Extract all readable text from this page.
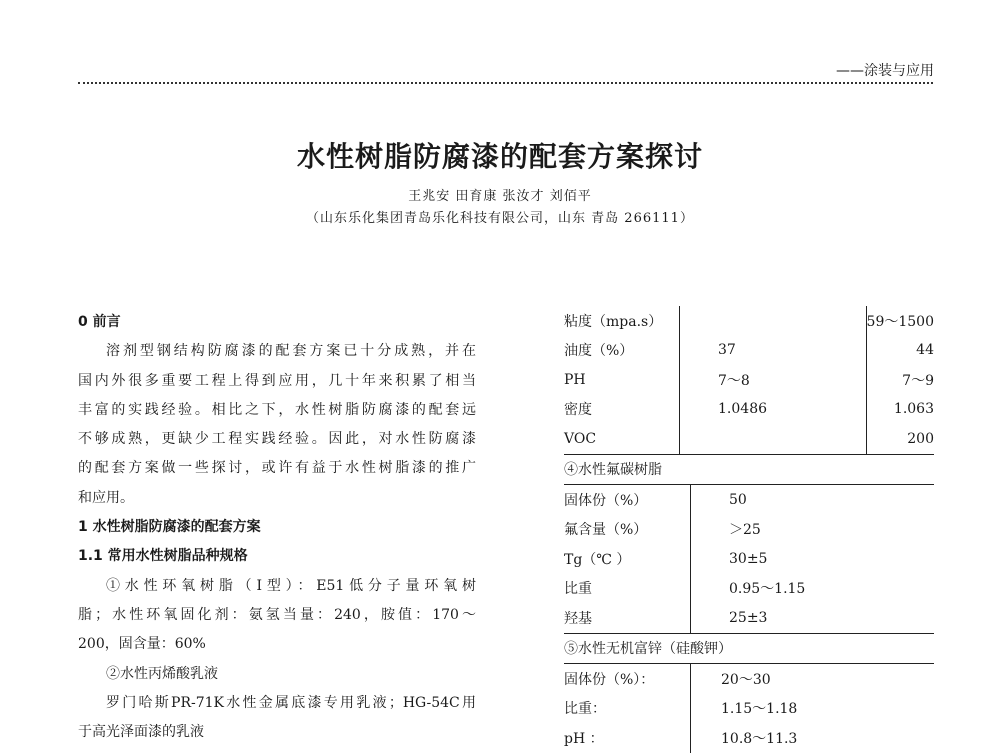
——涂装与应用
水性树脂防腐漆的配套方案探讨
王兆安 田育康 张汝才 刘佰平
（山东乐化集团青岛乐化科技有限公司，山东 青岛 266111）

0 前言

溶剂型钢结构防腐漆的配套方案已十分成熟，并在

国内外很多重要工程上得到应用，几十年来积累了相当

丰富的实践经验。相比之下，水性树脂防腐漆的配套远

不够成熟，更缺少工程实践经验。因此，对水性防腐漆

的配套方案做一些探讨，或许有益于水性树脂漆的推广

和应用。

1 水性树脂防腐漆的配套方案

1.1 常用水性树脂品种规格

①水性环氧树脂（Ⅰ型）：E51低分子量环氧树

脂；水性环氧固化剂：氨氢当量：240，胺值：170～

200，固含量：60%

②水性丙烯酸乳液

罗门哈斯PR-71K水性金属底漆专用乳液；HG-54C用

于高光泽面漆的乳液

粘度（mpa.s）		59～1500
油度（%）	37	44
PH	7～8	7～9
密度	1.0486	1.063
VOC		200
④水性氟碳树脂	
固体份（%）	50
氟含量（%）	＞25
Tg（℃ ）	30±5
比重	0.95～1.15
羟基	25±3
⑤水性无机富锌（硅酸钾）	
固体份（%）：	20～30
比重：	1.15～1.18
pH ：	10.8～11.3
